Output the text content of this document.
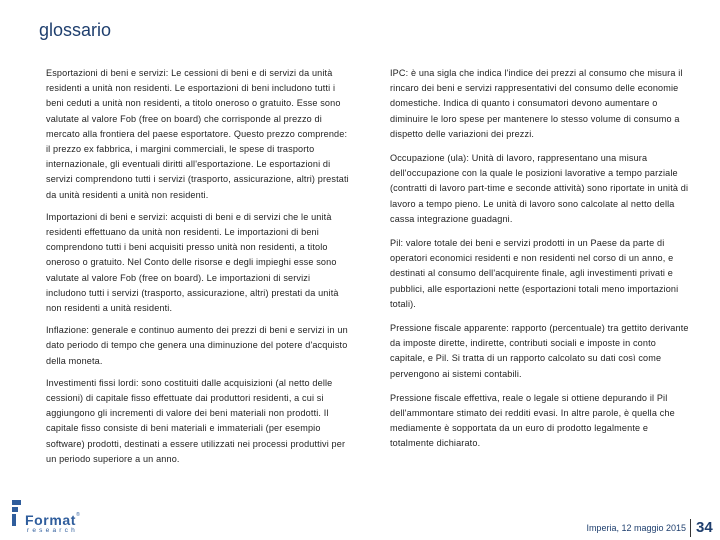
glossario

Esportazioni di beni e servizi: Le cessioni di beni e di servizi da unità residenti a unità non residenti. Le esportazioni di beni includono tutti i beni ceduti a unità non residenti, a titolo oneroso o gratuito. Esse sono valutate al valore Fob (free on board) che corrisponde al prezzo di mercato alla frontiera del paese esportatore. Questo prezzo comprende: il prezzo ex fabbrica, i margini commerciali, le spese di trasporto internazionale, gli eventuali diritti all'esportazione. Le esportazioni di servizi comprendono tutti i servizi (trasporto, assicurazione, altri) prestati da unità residenti a unità non residenti.

Importazioni di beni e servizi: acquisti di beni e di servizi che le unità residenti effettuano da unità non residenti. Le importazioni di beni comprendono tutti i beni acquisiti presso unità non residenti, a titolo oneroso o gratuito. Nel Conto delle risorse e degli impieghi esse sono valutate al valore Fob (free on board). Le importazioni di servizi includono tutti i servizi (trasporto, assicurazione, altri) prestati da unità non residenti a unità residenti.

Inflazione: generale e continuo aumento dei prezzi di beni e servizi in un dato periodo di tempo che genera una diminuzione del potere d'acquisto della moneta.

Investimenti fissi lordi: sono costituiti dalle acquisizioni (al netto delle cessioni) di capitale fisso effettuate dai produttori residenti, a cui si aggiungono gli incrementi di valore dei beni materiali non prodotti. Il capitale fisso consiste di beni materiali e immateriali (per esempio software) prodotti, destinati a essere utilizzati nei processi produttivi per un periodo superiore a un anno.

IPC: è una sigla che indica l'indice dei prezzi al consumo che misura il rincaro dei beni e servizi rappresentativi del consumo delle economie domestiche. Indica di quanto i consumatori devono aumentare o diminuire le loro spese per mantenere lo stesso volume di consumo a dispetto delle variazioni dei prezzi.

Occupazione (ula): Unità di lavoro, rappresentano una misura dell'occupazione con la quale le posizioni lavorative a tempo parziale (contratti di lavoro part-time e seconde attività) sono riportate in unità di lavoro a tempo pieno. Le unità di lavoro sono calcolate al netto della cassa integrazione guadagni.

Pil: valore totale dei beni e servizi prodotti in un Paese da parte di operatori economici residenti e non residenti nel corso di un anno, e destinati al consumo dell'acquirente finale, agli investimenti privati e pubblici, alle esportazioni nette (esportazioni totali meno importazioni totali).

Pressione fiscale apparente: rapporto (percentuale) tra gettito derivante da imposte dirette, indirette, contributi sociali e imposte in conto capitale, e Pil. Si tratta di un rapporto calcolato su dati così come pervengono ai sistemi contabili.

Pressione fiscale effettiva, reale o legale si ottiene depurando il Pil dell'ammontare stimato dei redditi evasi. In altre parole, è quella che mediamente è sopportata da un euro di prodotto legalmente e totalmente dichiarato.

Format®
research	Imperia, 12 maggio 2015 34
